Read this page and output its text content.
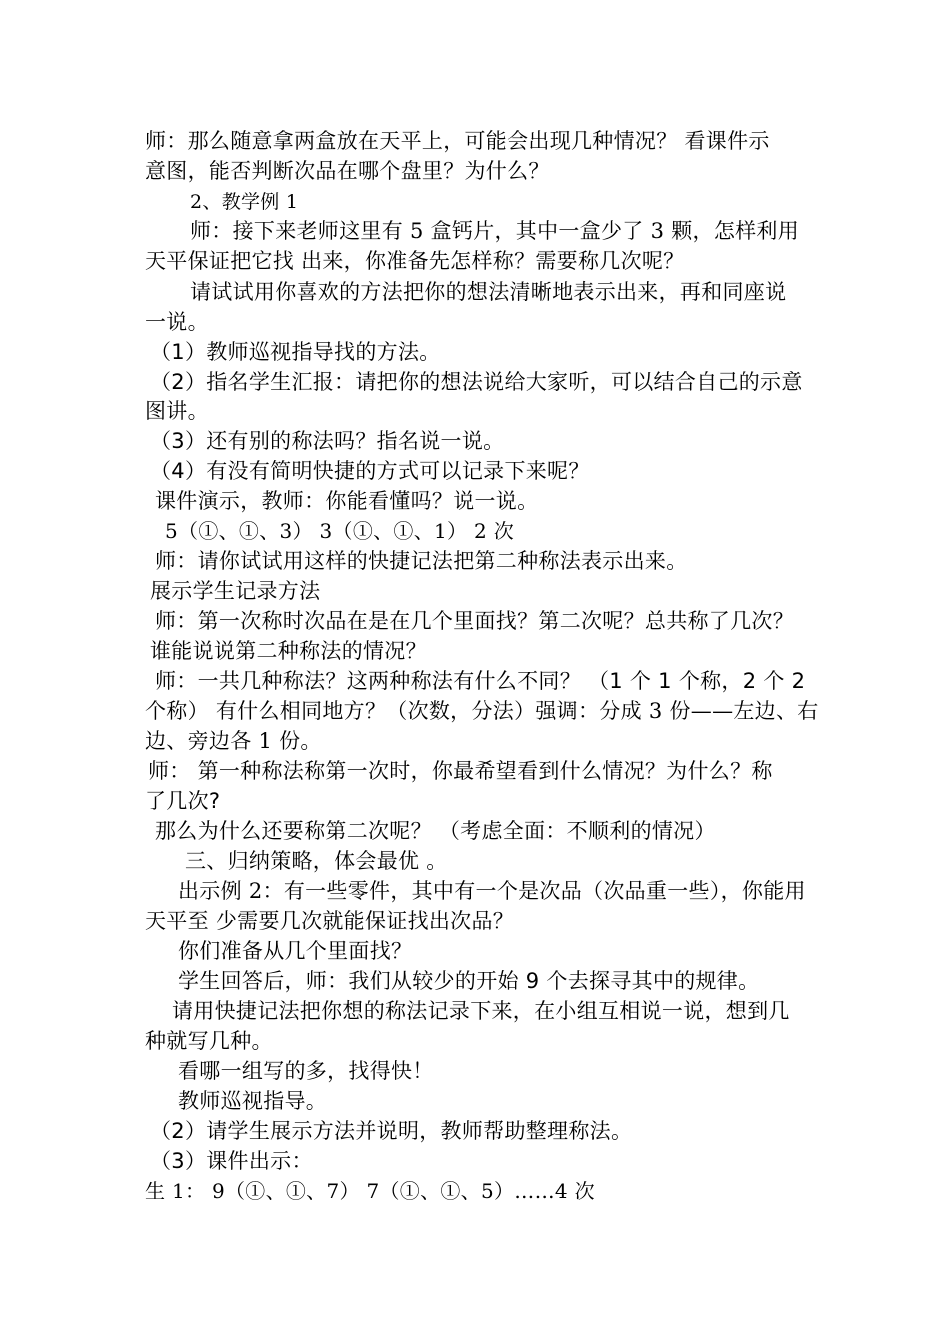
师：那么随意拿两盒放在天平上，可能会出现几种情况？ 看课件示
意图，能否判断次品在哪个盘里？为什么？
2、教学例 1
师：接下来老师这里有 5 盒钙片，其中一盒少了 3 颗，怎样利用
天平保证把它找 出来，你准备先怎样称？需要称几次呢？
请试试用你喜欢的方法把你的想法清晰地表示出来，再和同座说
一说。
（1）教师巡视指导找的方法。
（2）指名学生汇报：请把你的想法说给大家听，可以结合自己的示意
图讲。
（3）还有别的称法吗？指名说一说。
（4）有没有简明快捷的方式可以记录下来呢？
课件演示，教师：你能看懂吗？说一说。
5（①、①、3） 3（①、①、1） 2 次
师：请你试试用这样的快捷记法把第二种称法表示出来。
展示学生记录方法
师：第一次称时次品在是在几个里面找？第二次呢？总共称了几次？
谁能说说第二种称法的情况？
师：一共几种称法？这两种称法有什么不同？ （1 个 1 个称，2 个 2
个称） 有什么相同地方？（次数，分法）强调：分成 3 份——左边、右
边、旁边各 1 份。
师： 第一种称法称第一次时，你最希望看到什么情况？为什么？称
了几次?
那么为什么还要称第二次呢？ （考虑全面：不顺利的情况）
三、归纳策略，体会最优 。
出示例 2：有一些零件，其中有一个是次品（次品重一些），你能用
天平至 少需要几次就能保证找出次品？
你们准备从几个里面找？
学生回答后，师：我们从较少的开始 9 个去探寻其中的规律。
请用快捷记法把你想的称法记录下来，在小组互相说一说，想到几
种就写几种。
看哪一组写的多，找得快！
教师巡视指导。
（2）请学生展示方法并说明，教师帮助整理称法。
（3）课件出示：
生 1： 9（①、①、7） 7（①、①、5）……4 次
